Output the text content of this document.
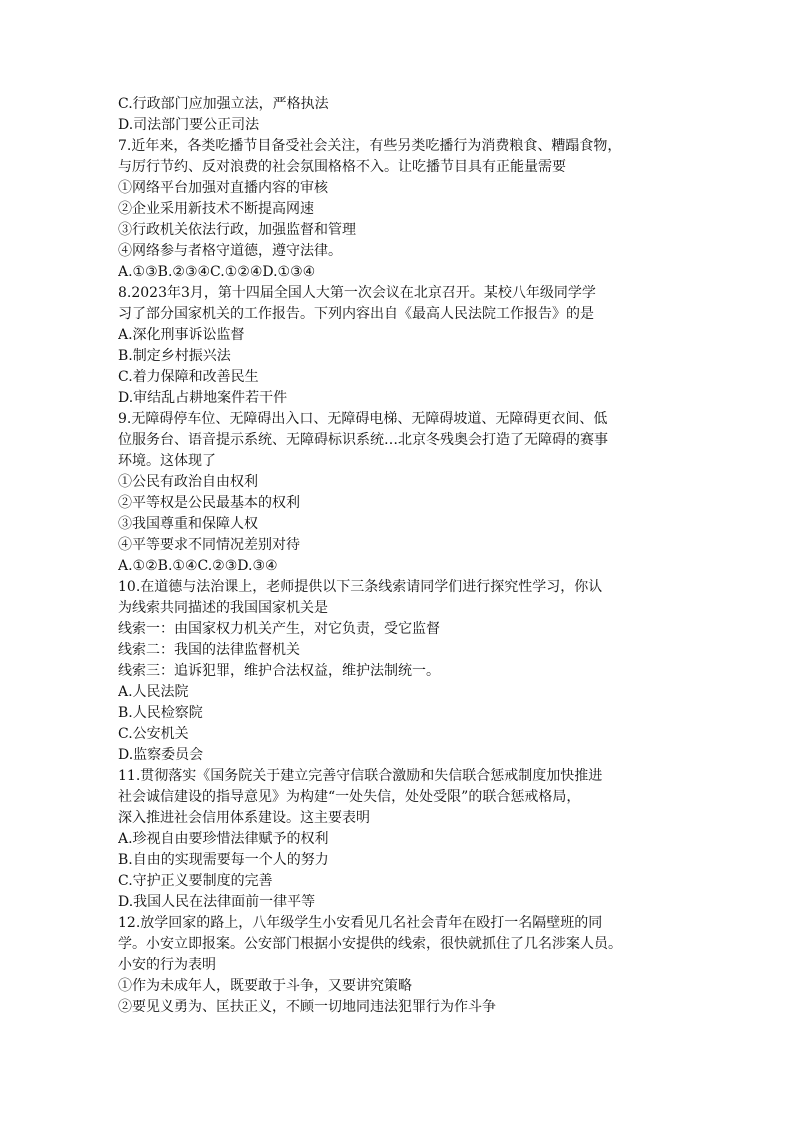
C.行政部门应加强立法，严格执法
D.司法部门要公正司法
7.近年来，各类吃播节目备受社会关注，有些另类吃播行为消费粮食、糟蹋食物，
与厉行节约、反对浪费的社会氛围格格不入。让吃播节目具有正能量需要
①网络平台加强对直播内容的审核
②企业采用新技术不断提高网速
③行政机关依法行政，加强监督和管理
④网络参与者格守道德，遵守法律。
A.①③B.②③④C.①②④D.①③④
8.2023年3月，第十四届全国人大第一次会议在北京召开。某校八年级同学学
习了部分国家机关的工作报告。下列内容出自《最高人民法院工作报告》的是
A.深化刑事诉讼监督
B.制定乡村振兴法
C.着力保障和改善民生
D.审结乱占耕地案件若干件
9.无障碍停车位、无障碍出入口、无障碍电梯、无障碍坡道、无障碍更衣间、低
位服务台、语音提示系统、无障碍标识系统…北京冬残奥会打造了无障碍的赛事
环境。这体现了
①公民有政治自由权利
②平等权是公民最基本的权利
③我国尊重和保障人权
④平等要求不同情况差别对待
A.①②B.①④C.②③D.③④
10.在道德与法治课上，老师提供以下三条线索请同学们进行探究性学习，你认
为线索共同描述的我国国家机关是
线索一：由国家权力机关产生，对它负责，受它监督
线索二：我国的法律监督机关
线索三：追诉犯罪，维护合法权益，维护法制统一。
A.人民法院
B.人民检察院
C.公安机关
D.监察委员会
11.贯彻落实《国务院关于建立完善守信联合激励和失信联合惩戒制度加快推进
社会诚信建设的指导意见》为构建“一处失信，处处受限”的联合惩戒格局，
深入推进社会信用体系建设。这主要表明
A.珍视自由要珍惜法律赋予的权利
B.自由的实现需要每一个人的努力
C.守护正义要制度的完善
D.我国人民在法律面前一律平等
12.放学回家的路上，八年级学生小安看见几名社会青年在殴打一名隔壁班的同
学。小安立即报案。公安部门根据小安提供的线索，很快就抓住了几名涉案人员。
小安的行为表明
①作为未成年人，既要敢于斗争，又要讲究策略
②要见义勇为、匡扶正义，不顾一切地同违法犯罪行为作斗争
